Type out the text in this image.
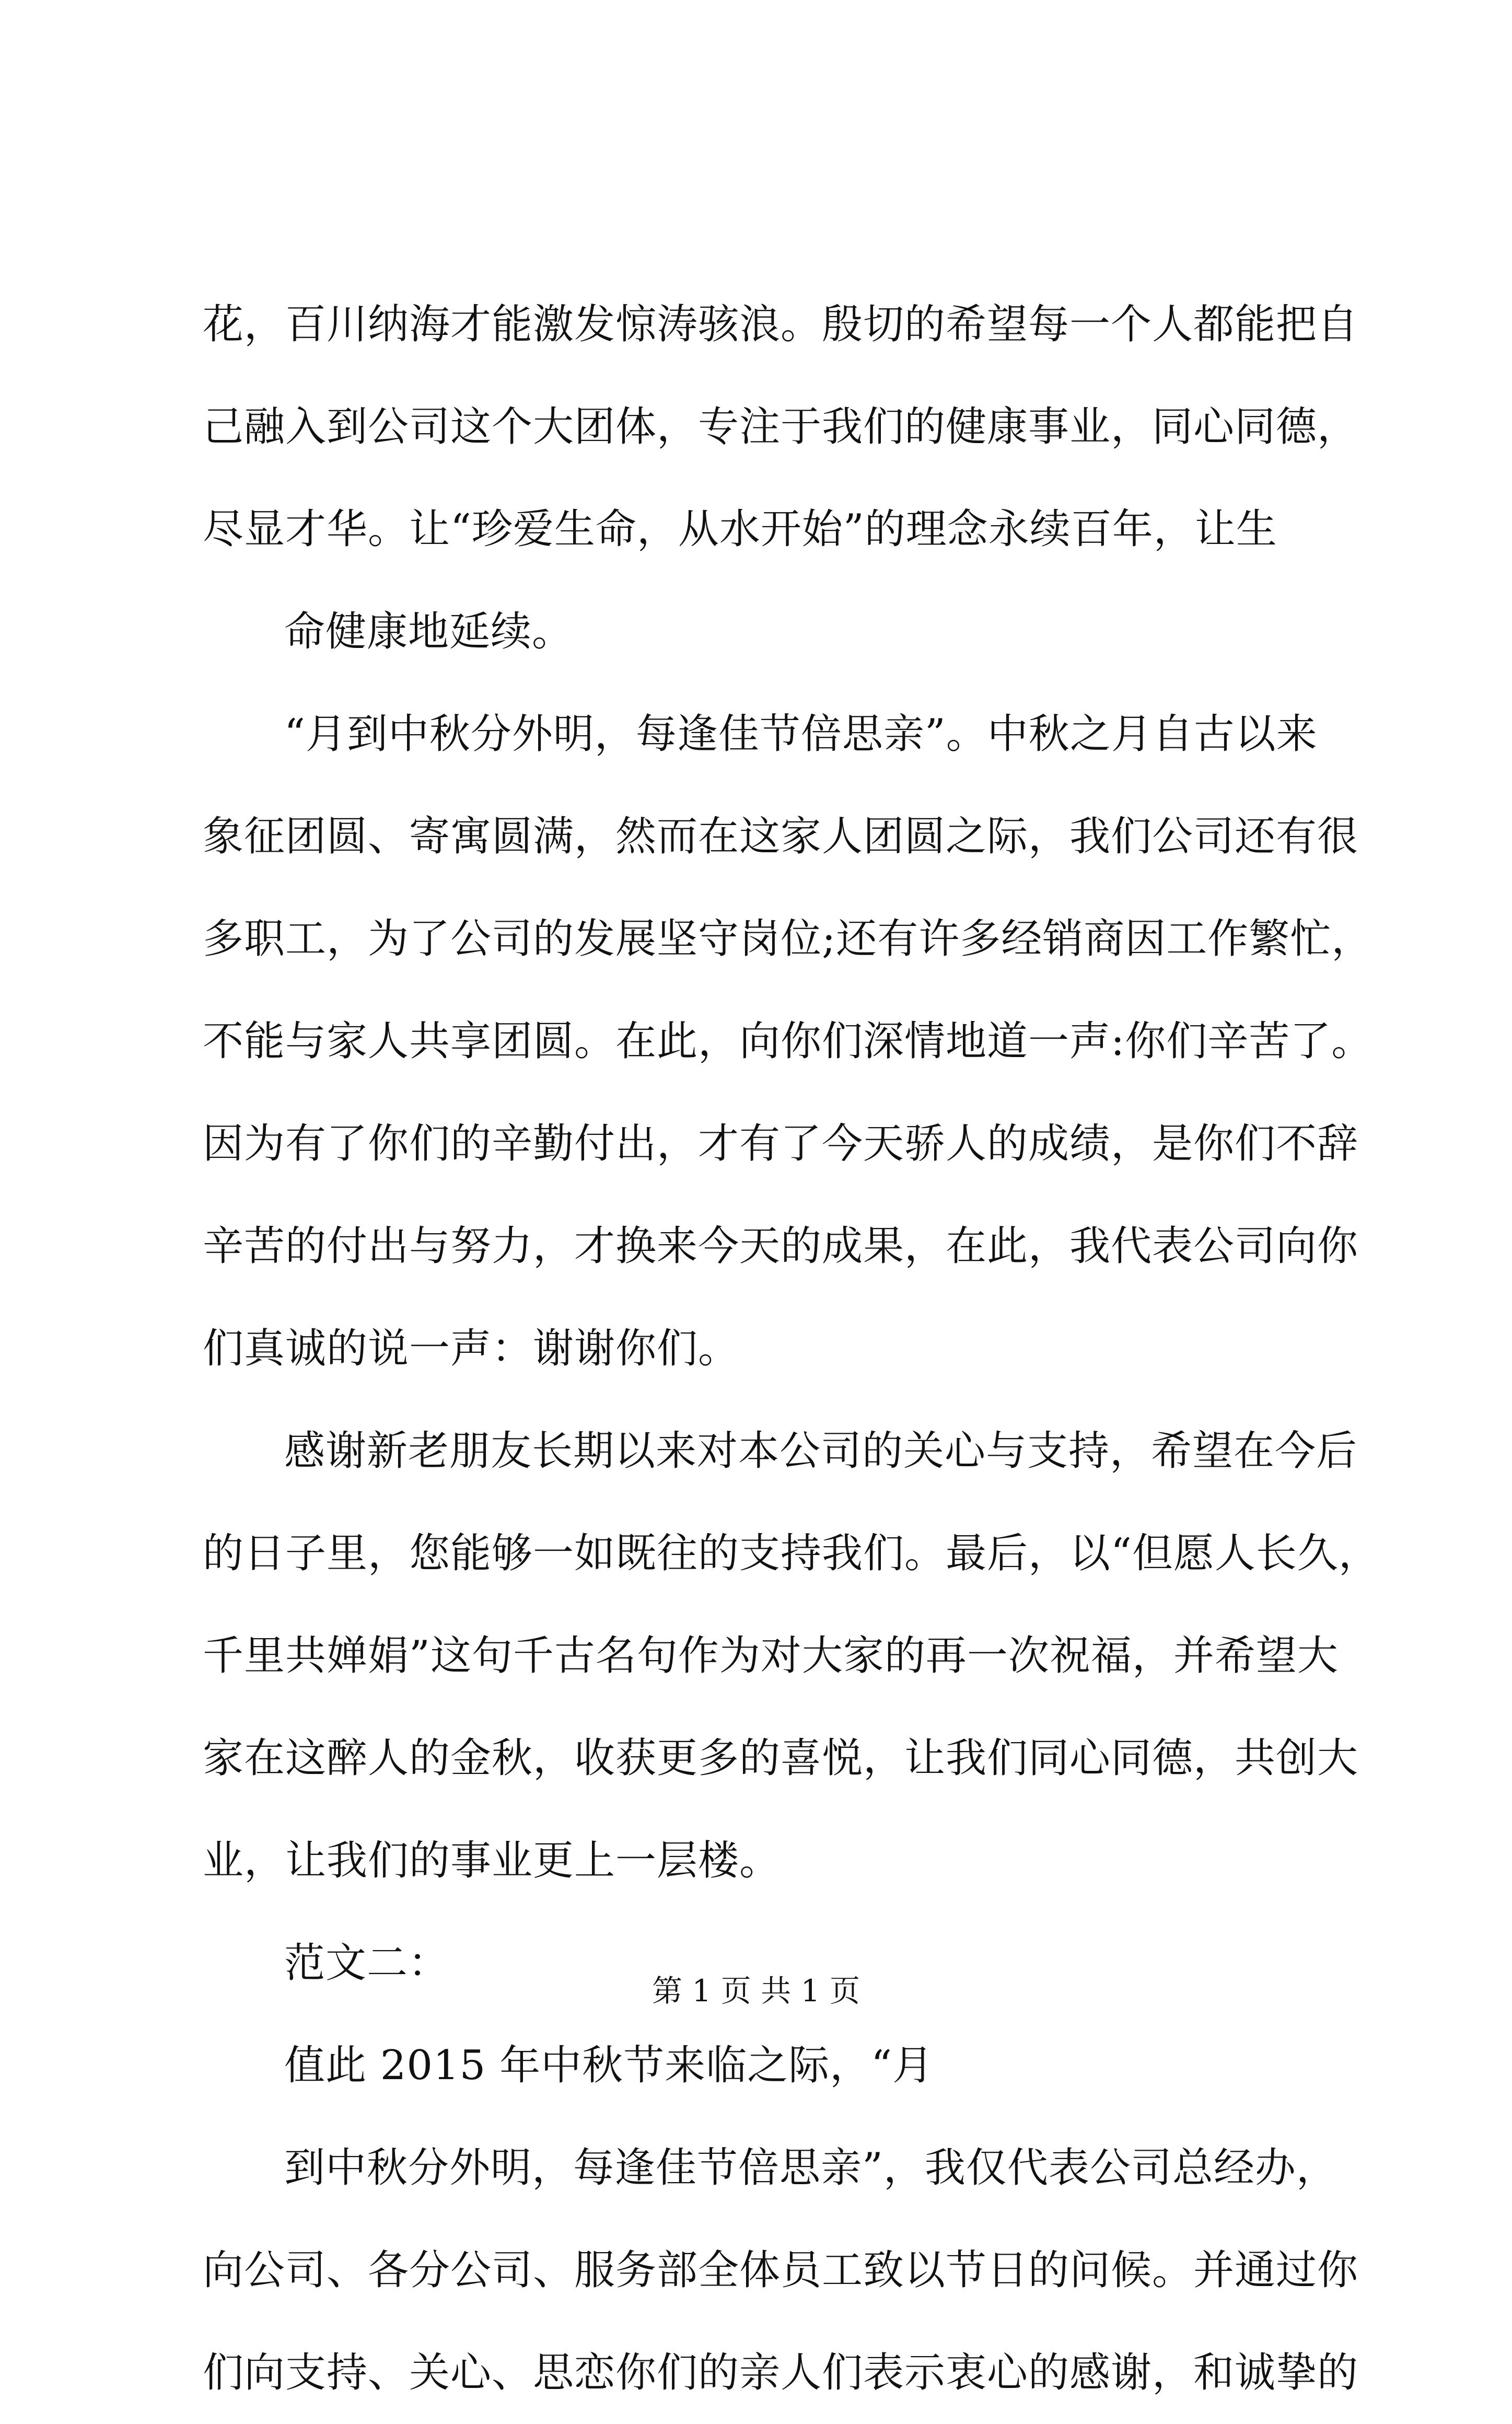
花，百川纳海才能激发惊涛骇浪。殷切的希望每一个人都能把自
己融入到公司这个大团体，专注于我们的健康事业，同心同德，
尽显才华。让“珍爱生命，从水开始”的理念永续百年，让生
命健康地延续。
“月到中秋分外明，每逢佳节倍思亲”。中秋之月自古以来
象征团圆、寄寓圆满，然而在这家人团圆之际，我们公司还有很
多职工，为了公司的发展坚守岗位;还有许多经销商因工作繁忙，
不能与家人共享团圆。在此，向你们深情地道一声:你们辛苦了。
因为有了你们的辛勤付出，才有了今天骄人的成绩，是你们不辞
辛苦的付出与努力，才换来今天的成果，在此，我代表公司向你
们真诚的说一声：谢谢你们。
感谢新老朋友长期以来对本公司的关心与支持，希望在今后
的日子里，您能够一如既往的支持我们。最后，以“但愿人长久，
千里共婵娟”这句千古名句作为对大家的再一次祝福，并希望大
家在这醉人的金秋，收获更多的喜悦，让我们同心同德，共创大
业，让我们的事业更上一层楼。
范文二：
值此 2015 年中秋节来临之际，“月
到中秋分外明，每逢佳节倍思亲”，我仅代表公司总经办，
向公司、各分公司、服务部全体员工致以节日的问候。并通过你
们向支持、关心、思恋你们的亲人们表示衷心的感谢，和诚挚的
第 1 页 共 1 页
